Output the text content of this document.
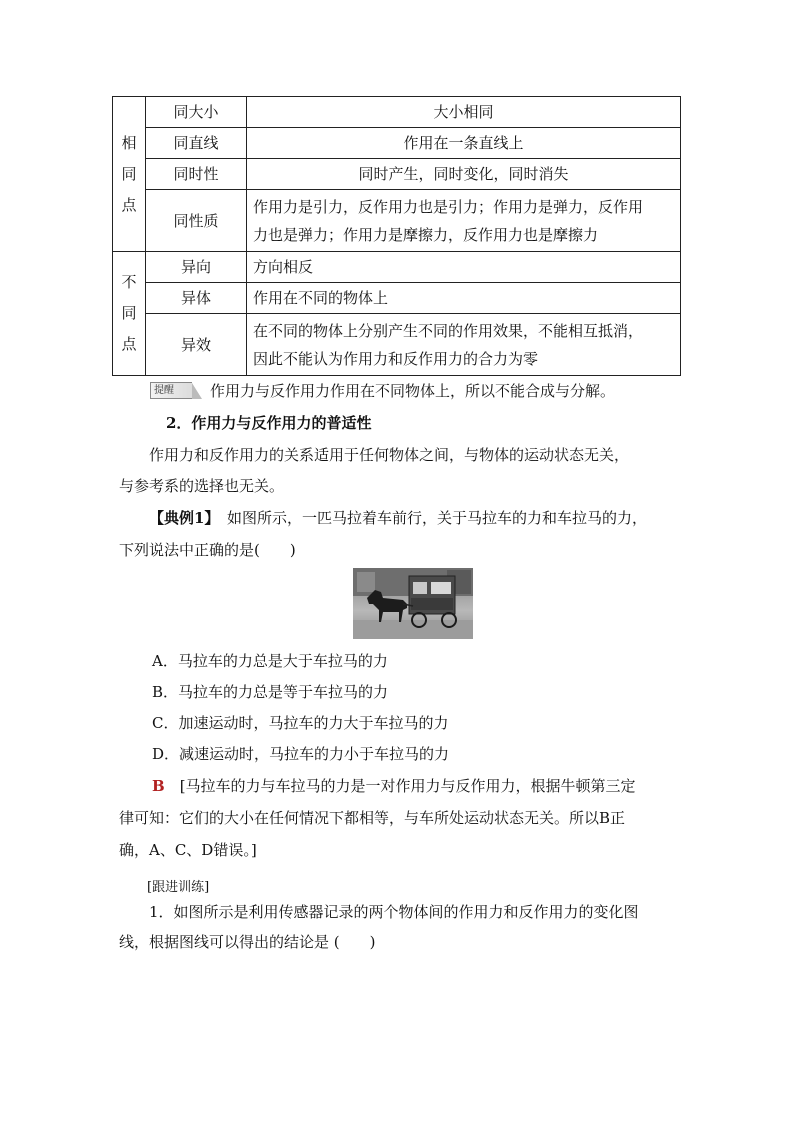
相
同
点	同大小	大小相同
	同直线	作用在一条直线上
	同时性	同时产生，同时变化，同时消失
	同性质	作用力是引力，反作用力也是引力；作用力是弹力，反作用
力也是弹力；作用力是摩擦力，反作用力也是摩擦力

不
同
点	异向	方向相反
	异体	作用在不同的物体上
	异效	在不同的物体上分别产生不同的作用效果，不能相互抵消，
因此不能认为作用力和反作用力的合力为零
提醒	作用力与反作用力作用在不同物体上，所以不能合成与分解。
2．作用力与反作用力的普适性
作用力和反作用力的关系适用于任何物体之间，与物体的运动状态无关，
与参考系的选择也无关。
【典例1】　如图所示，一匹马拉着车前行，关于马拉车的力和车拉马的力，
下列说法中正确的是(　　)
A．马拉车的力总是大于车拉马的力
B．马拉车的力总是等于车拉马的力
C．加速运动时，马拉车的力大于车拉马的力
D．减速运动时，马拉车的力小于车拉马的力
B　 [马拉车的力与车拉马的力是一对作用力与反作用力，根据牛顿第三定
律可知：它们的大小在任何情况下都相等，与车所处运动状态无关。所以B正
确，A、C、D错误。]
[跟进训练]
1．如图所示是利用传感器记录的两个物体间的作用力和反作用力的变化图
线，根据图线可以得出的结论是 (　　)
